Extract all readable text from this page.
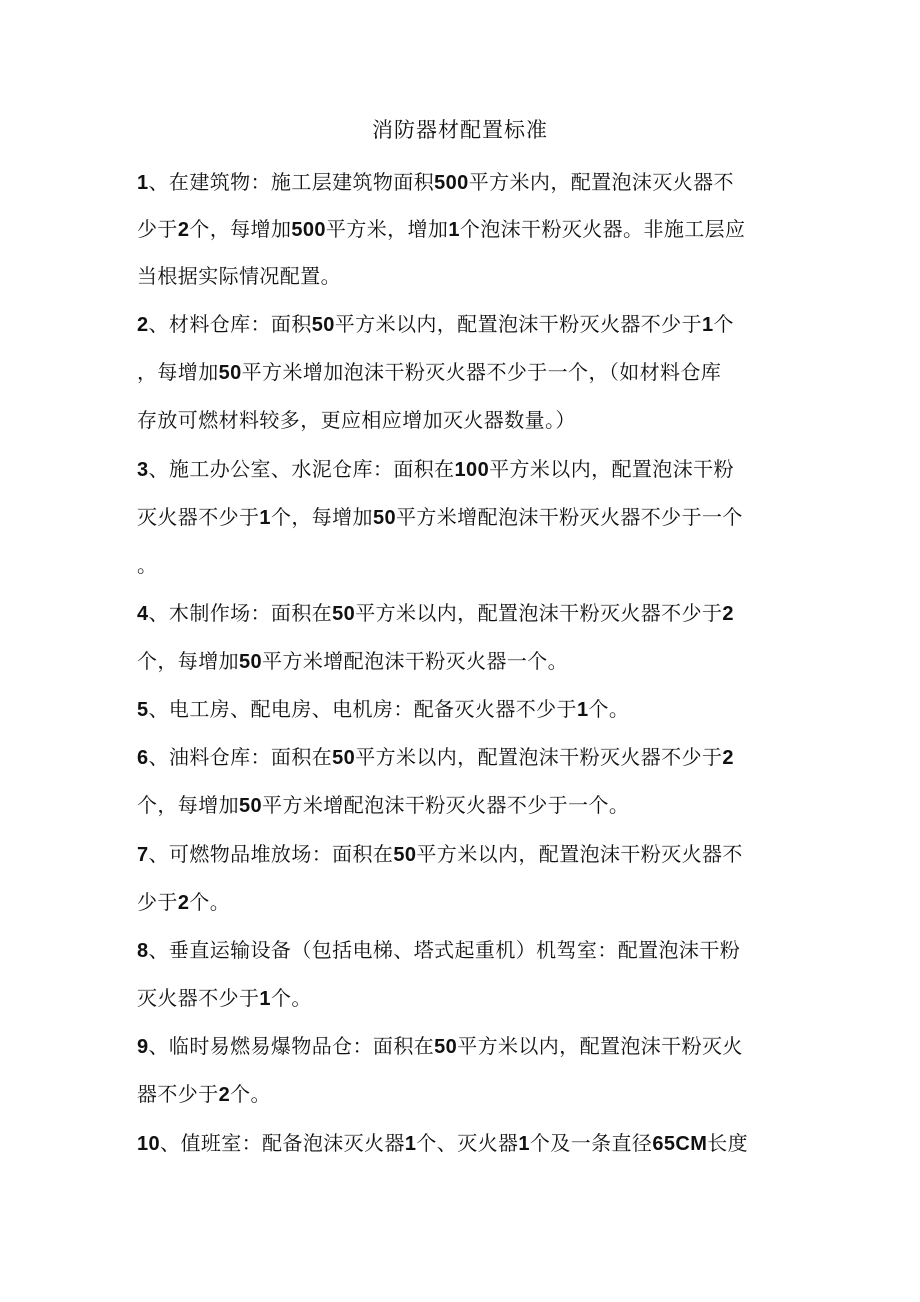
消防器材配置标准
1、在建筑物：施工层建筑物面积500平方米内，配置泡沫灭火器不
少于2个，每增加500平方米，增加1个泡沫干粉灭火器。非施工层应
当根据实际情况配置。
2、材料仓库：面积50平方米以内，配置泡沫干粉灭火器不少于1个
，每增加50平方米增加泡沫干粉灭火器不少于一个，（如材料仓库
存放可燃材料较多，更应相应增加灭火器数量。）
3、施工办公室、水泥仓库：面积在100平方米以内，配置泡沫干粉
灭火器不少于1个，每增加50平方米增配泡沫干粉灭火器不少于一个
。
4、木制作场：面积在50平方米以内，配置泡沫干粉灭火器不少于2
个，每增加50平方米增配泡沫干粉灭火器一个。
5、电工房、配电房、电机房：配备灭火器不少于1个。
6、油料仓库：面积在50平方米以内，配置泡沫干粉灭火器不少于2
个，每增加50平方米增配泡沫干粉灭火器不少于一个。
7、可燃物品堆放场：面积在50平方米以内，配置泡沫干粉灭火器不
少于2个。
8、垂直运输设备（包括电梯、塔式起重机）机驾室：配置泡沫干粉
灭火器不少于1个。
9、临时易燃易爆物品仓：面积在50平方米以内，配置泡沫干粉灭火
器不少于2个。
10、值班室：配备泡沫灭火器1个、灭火器1个及一条直径65CM长度
